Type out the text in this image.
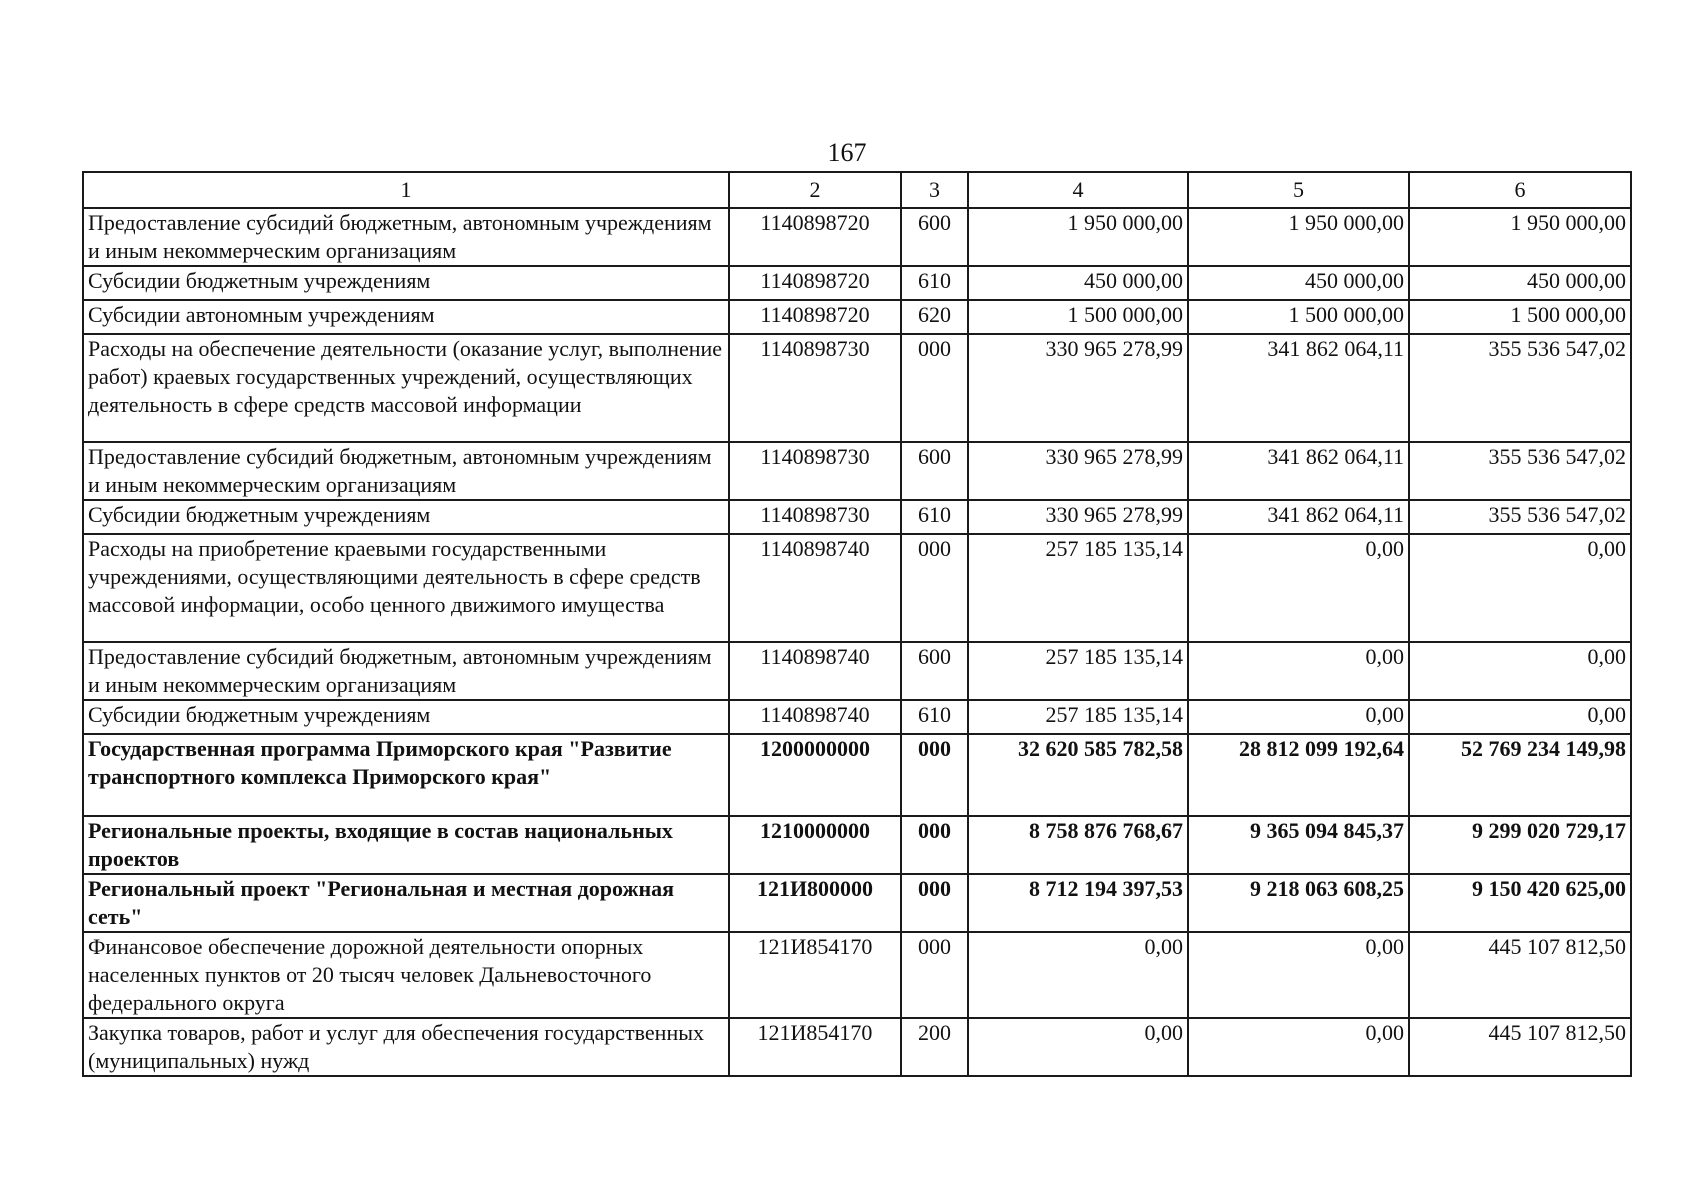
167
1	2	3	4	5	6
Предоставление субсидий бюджетным, автономным учреждениям и иным некоммерческим организациям	1140898720	600	1 950 000,00	1 950 000,00	1 950 000,00
Субсидии бюджетным учреждениям	1140898720	610	450 000,00	450 000,00	450 000,00
Субсидии автономным учреждениям	1140898720	620	1 500 000,00	1 500 000,00	1 500 000,00
Расходы на обеспечение деятельности (оказание услуг, выполнение работ) краевых государственных учреждений, осуществляющих деятельность в сфере средств массовой информации	1140898730	000	330 965 278,99	341 862 064,11	355 536 547,02
Предоставление субсидий бюджетным, автономным учреждениям и иным некоммерческим организациям	1140898730	600	330 965 278,99	341 862 064,11	355 536 547,02
Субсидии бюджетным учреждениям	1140898730	610	330 965 278,99	341 862 064,11	355 536 547,02
Расходы на приобретение краевыми государственными учреждениями, осуществляющими деятельность в сфере средств массовой информации, особо ценного движимого имущества	1140898740	000	257 185 135,14	0,00	0,00
Предоставление субсидий бюджетным, автономным учреждениям и иным некоммерческим организациям	1140898740	600	257 185 135,14	0,00	0,00
Субсидии бюджетным учреждениям	1140898740	610	257 185 135,14	0,00	0,00
Государственная программа Приморского края "Развитие транспортного комплекса Приморского края"	1200000000	000	32 620 585 782,58	28 812 099 192,64	52 769 234 149,98
Региональные проекты, входящие в состав национальных проектов	1210000000	000	8 758 876 768,67	9 365 094 845,37	9 299 020 729,17
Региональный проект "Региональная и местная дорожная сеть"	121И800000	000	8 712 194 397,53	9 218 063 608,25	9 150 420 625,00
Финансовое обеспечение дорожной деятельности опорных населенных пунктов от 20 тысяч человек Дальневосточного федерального округа	121И854170	000	0,00	0,00	445 107 812,50
Закупка товаров, работ и услуг для обеспечения государственных (муниципальных) нужд	121И854170	200	0,00	0,00	445 107 812,50
